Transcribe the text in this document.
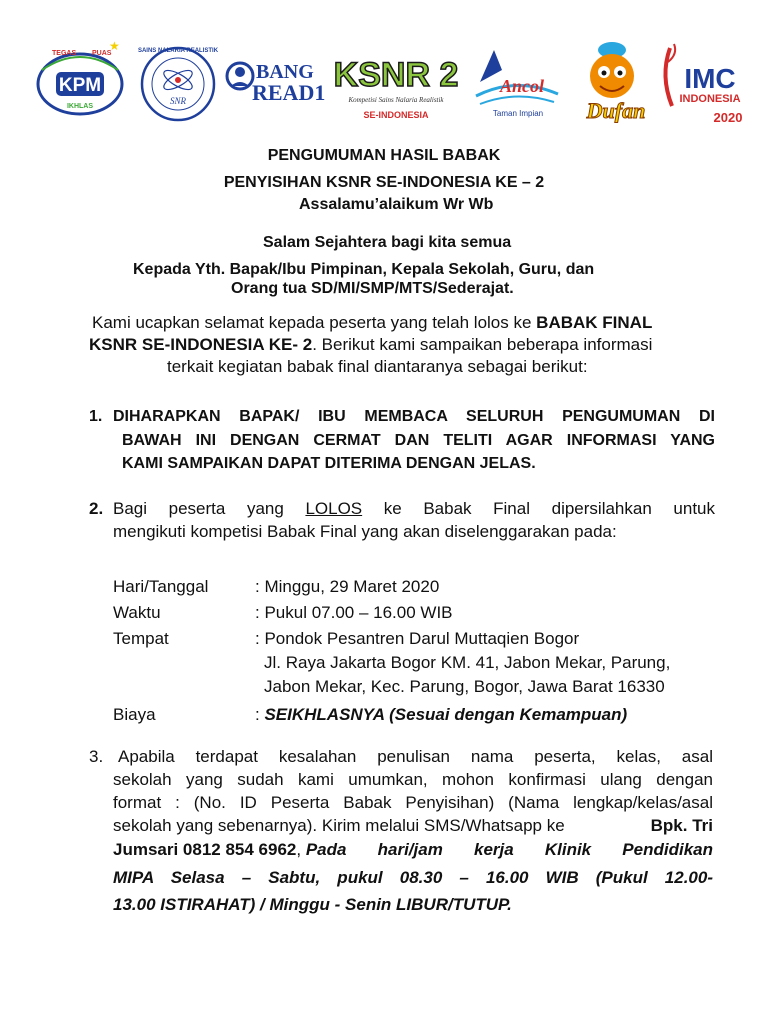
KPM
TEGAS PUAS
IKHLAS
★
SNR
SAINS NALARIA REALISTIK
BANG
READ1 KSNR 2
Kompetisi Sains Nalaria Realistik
SE-INDONESIA
Ancol
Taman Impian Dufan
IMC
INDONESIA
2020
PENGUMUMAN HASIL BABAK
PENYISIHAN KSNR SE-INDONESIA KE – 2
Assalamu’alaikum Wr Wb
Salam Sejahtera bagi kita semua
Kepada Yth. Bapak/Ibu Pimpinan, Kepala Sekolah, Guru, dan
Orang tua SD/MI/SMP/MTS/Sederajat.
Kami ucapkan selamat kepada peserta yang telah lolos ke BABAK FINAL
KSNR SE-INDONESIA KE- 2. Berikut kami sampaikan beberapa informasi
terkait kegiatan babak final diantaranya sebagai berikut:
1. DIHARAPKAN BAPAK/ IBU MEMBACA SELURUH PENGUMUMAN DI
BAWAH INI DENGAN CERMAT DAN TELITI AGAR INFORMASI YANG
KAMI SAMPAIKAN DAPAT DITERIMA DENGAN JELAS.
2. Bagi peserta yang LOLOS ke Babak Final dipersilahkan untuk
mengikuti kompetisi Babak Final yang akan diselenggarakan pada:
Hari/Tanggal	: Minggu, 29 Maret 2020
Waktu	: Pukul 07.00 – 16.00 WIB
Tempat	: Pondok Pesantren Darul Muttaqien Bogor
Jl. Raya Jakarta Bogor KM. 41, Jabon Mekar, Parung,
Jabon Mekar, Kec. Parung, Bogor, Jawa Barat 16330
Biaya	: SEIKHLASNYA (Sesuai dengan Kemampuan)
3. Apabila terdapat kesalahan penulisan nama peserta, kelas, asal
sekolah yang sudah kami umumkan, mohon konfirmasi ulang dengan
format : (No. ID Peserta Babak Penyisihan) (Nama lengkap/kelas/asal
sekolah yang sebenarnya). Kirim melalui SMS/Whatsapp ke	Bpk. Tri
Jumsari 0812 854 6962 , Pada hari/jam kerja Klinik Pendidikan
MIPA Selasa – Sabtu, pukul 08.30 – 16.00 WIB (Pukul 12.00-
13.00 ISTIRAHAT) / Minggu - Senin LIBUR/TUTUP.
